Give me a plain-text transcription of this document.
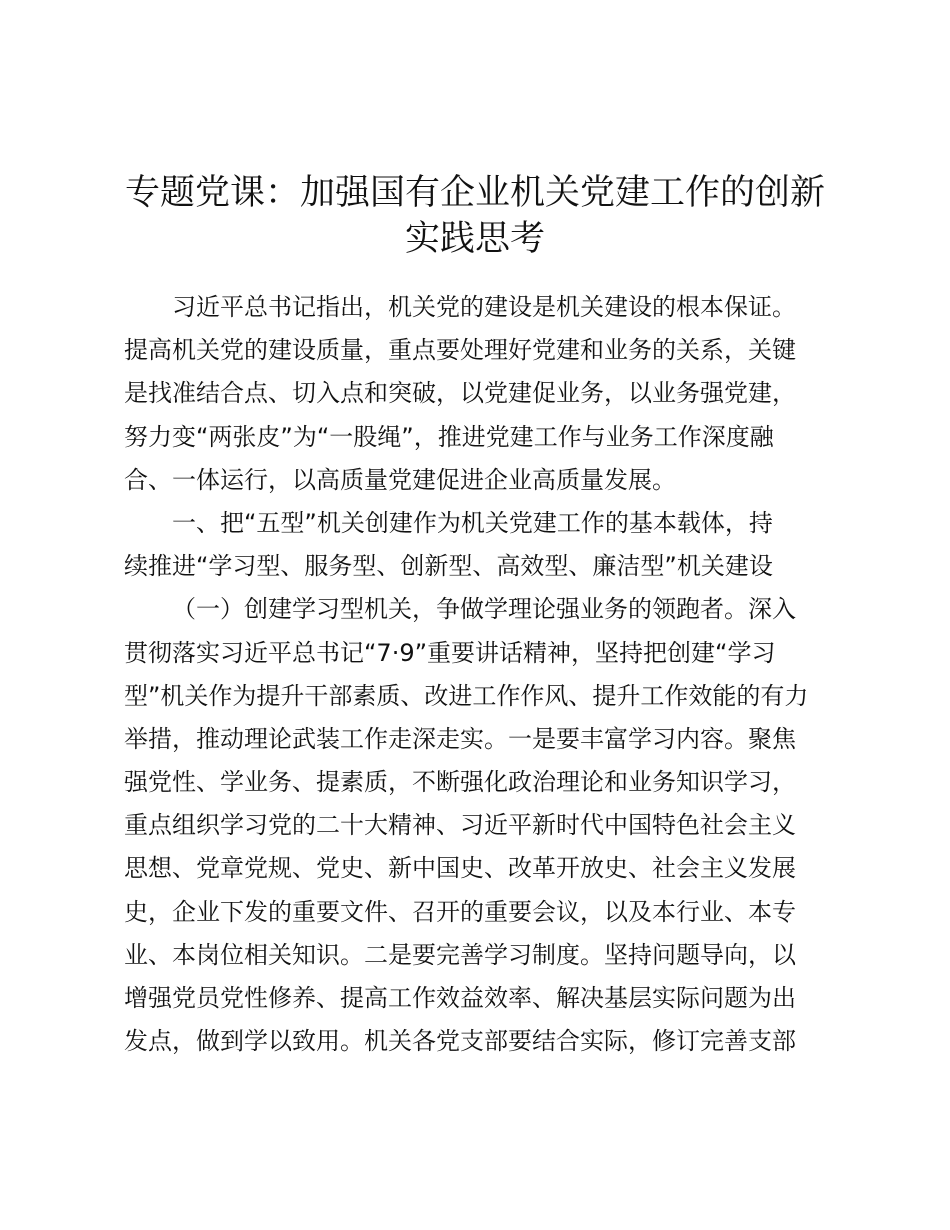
专题党课：加强国有企业机关党建工作的创新
实践思考
习近平总书记指出，机关党的建设是机关建设的根本保证。
提高机关党的建设质量，重点要处理好党建和业务的关系，关键
是找准结合点、切入点和突破，以党建促业务，以业务强党建，
努力变“两张皮”为“一股绳”，推进党建工作与业务工作深度融
合、一体运行，以高质量党建促进企业高质量发展。
一、把“五型”机关创建作为机关党建工作的基本载体，持
续推进“学习型、服务型、创新型、高效型、廉洁型”机关建设
（一）创建学习型机关，争做学理论强业务的领跑者。深入
贯彻落实习近平总书记“7·9”重要讲话精神，坚持把创建“学习
型”机关作为提升干部素质、改进工作作风、提升工作效能的有力
举措，推动理论武装工作走深走实。一是要丰富学习内容。聚焦
强党性、学业务、提素质，不断强化政治理论和业务知识学习，
重点组织学习党的二十大精神、习近平新时代中国特色社会主义
思想、党章党规、党史、新中国史、改革开放史、社会主义发展
史，企业下发的重要文件、召开的重要会议，以及本行业、本专
业、本岗位相关知识。二是要完善学习制度。坚持问题导向，以
增强党员党性修养、提高工作效益效率、解决基层实际问题为出
发点，做到学以致用。机关各党支部要结合实际，修订完善支部
